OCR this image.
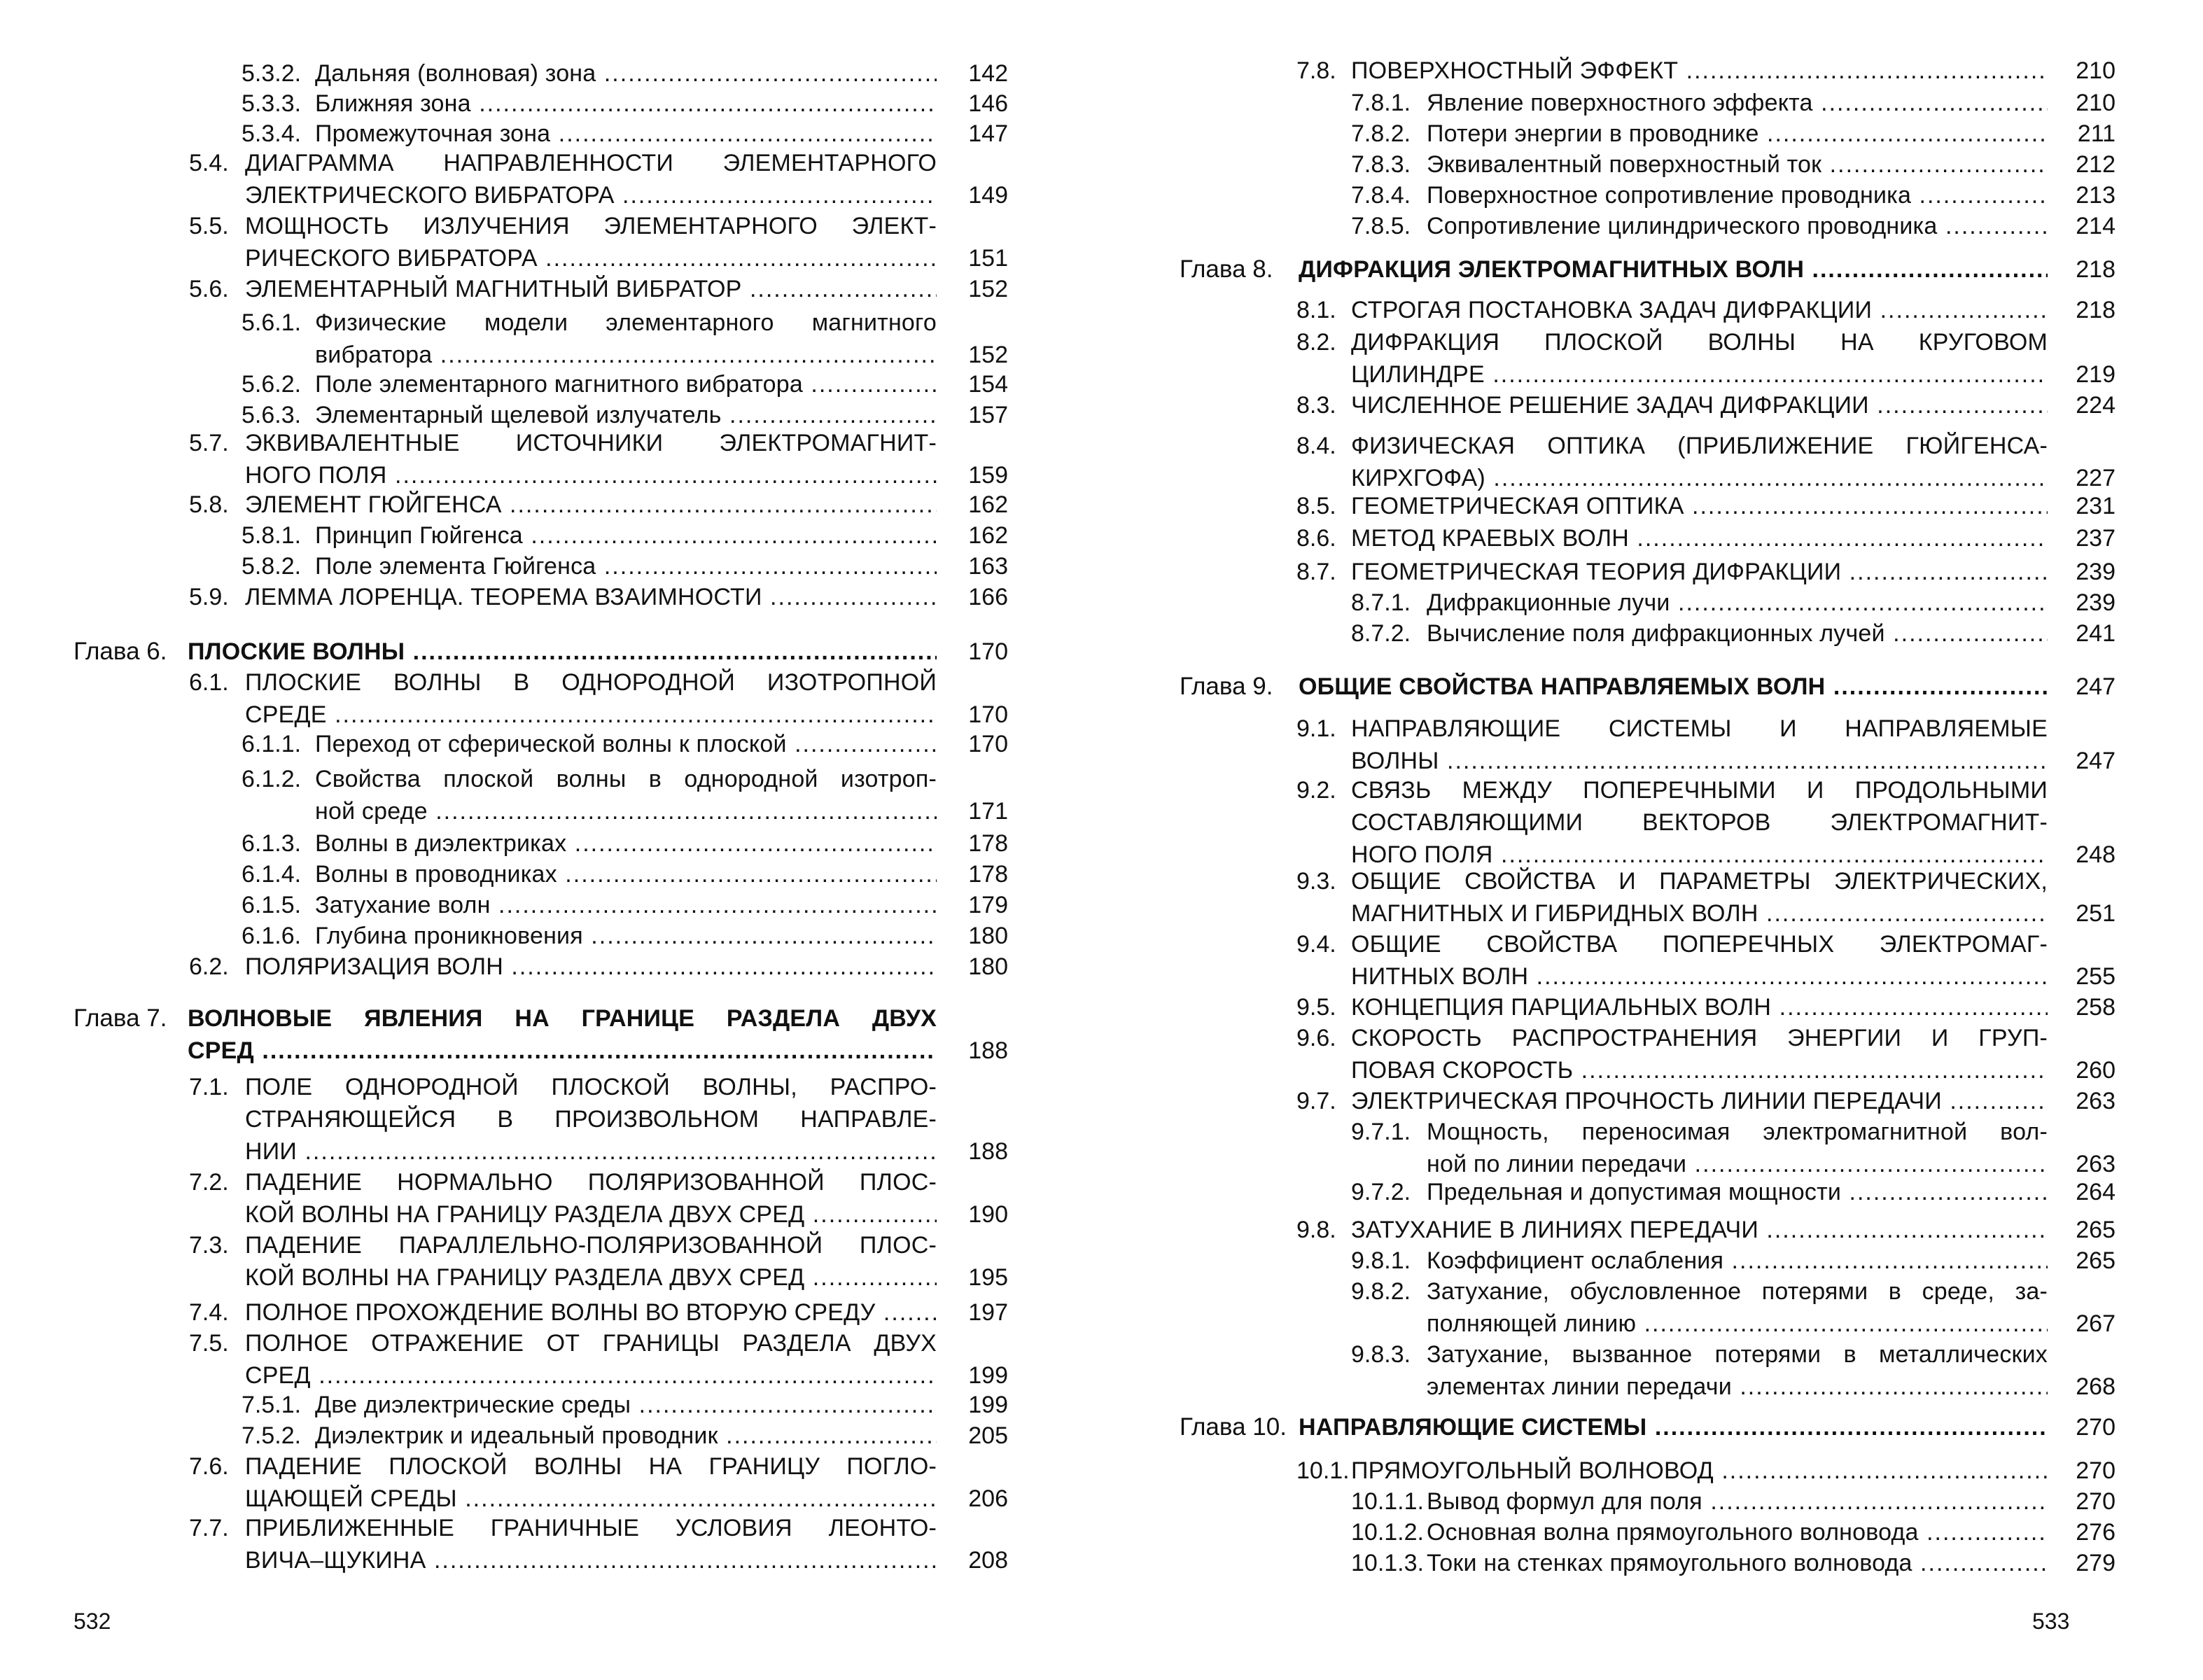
5.3.2. Дальняя (волновая) зона .....	142
5.3.3. Ближняя зона .....	146
5.3.4. Промежуточная зона .....	147
5.4. ДИАГРАММА НАПРАВЛЕННОСТИ ЭЛЕМЕНТАРНОГО
ЭЛЕКТРИЧЕСКОГО ВИБРАТОРА .....	149
5.5. МОЩНОСТЬ ИЗЛУЧЕНИЯ ЭЛЕМЕНТАРНОГО ЭЛЕКТ-
РИЧЕСКОГО ВИБРАТОРА .....	151
5.6. ЭЛЕМЕНТАРНЫЙ МАГНИТНЫЙ ВИБРАТОР .....	152
5.6.1. Физические модели элементарного магнитного
вибратора .....	152
5.6.2. Поле элементарного магнитного вибратора .....	154
5.6.3. Элементарный щелевой излучатель .....	157
5.7. ЭКВИВАЛЕНТНЫЕ ИСТОЧНИКИ ЭЛЕКТРОМАГНИТ-
НОГО ПОЛЯ .....	159
5.8. ЭЛЕМЕНТ ГЮЙГЕНСА .....	162
5.8.1. Принцип Гюйгенса .....	162
5.8.2. Поле элемента Гюйгенса .....	163
5.9. ЛЕММА ЛОРЕНЦА. ТЕОРЕМА ВЗАИМНОСТИ .....	166
Глава 6. ПЛОСКИЕ ВОЛНЫ .....	170
6.1. ПЛОСКИЕ ВОЛНЫ В ОДНОРОДНОЙ ИЗОТРОПНОЙ
СРЕДЕ .....	170
6.1.1. Переход от сферической волны к плоской .....	170
6.1.2. Свойства плоской волны в однородной изотроп-
ной среде .....	171
6.1.3. Волны в диэлектриках .....	178
6.1.4. Волны в проводниках .....	178
6.1.5. Затухание волн .....	179
6.1.6. Глубина проникновения .....	180
6.2. ПОЛЯРИЗАЦИЯ ВОЛН .....	180
Глава 7. ВОЛНОВЫЕ ЯВЛЕНИЯ НА ГРАНИЦЕ РАЗДЕЛА ДВУХ
СРЕД .....	188
7.1. ПОЛЕ ОДНОРОДНОЙ ПЛОСКОЙ ВОЛНЫ, РАСПРО-
СТРАНЯЮЩЕЙСЯ В ПРОИЗВОЛЬНОМ НАПРАВЛЕ-
НИИ .....	188
7.2. ПАДЕНИЕ НОРМАЛЬНО ПОЛЯРИЗОВАННОЙ ПЛОС-
КОЙ ВОЛНЫ НА ГРАНИЦУ РАЗДЕЛА ДВУХ СРЕД .....	190
7.3. ПАДЕНИЕ ПАРАЛЛЕЛЬНО-ПОЛЯРИЗОВАННОЙ ПЛОС-
КОЙ ВОЛНЫ НА ГРАНИЦУ РАЗДЕЛА ДВУХ СРЕД .....	195
7.4. ПОЛНОЕ ПРОХОЖДЕНИЕ ВОЛНЫ ВО ВТОРУЮ СРЕДУ .....	197
7.5. ПОЛНОЕ ОТРАЖЕНИЕ ОТ ГРАНИЦЫ РАЗДЕЛА ДВУХ
СРЕД .....	199
7.5.1. Две диэлектрические среды .....	199
7.5.2. Диэлектрик и идеальный проводник .....	205
7.6. ПАДЕНИЕ ПЛОСКОЙ ВОЛНЫ НА ГРАНИЦУ ПОГЛО-
ЩАЮЩЕЙ СРЕДЫ .....	206
7.7. ПРИБЛИЖЕННЫЕ ГРАНИЧНЫЕ УСЛОВИЯ ЛЕОНТО-
ВИЧА–ЩУКИНА .....	208
532
7.8. ПОВЕРХНОСТНЫЙ ЭФФЕКТ .....	210
7.8.1. Явление поверхностного эффекта .....	210
7.8.2. Потери энергии в проводнике .....	211
7.8.3. Эквивалентный поверхностный ток .....	212
7.8.4. Поверхностное сопротивление проводника .....	213
7.8.5. Сопротивление цилиндрического проводника .....	214
Глава 8. ДИФРАКЦИЯ ЭЛЕКТРОМАГНИТНЫХ ВОЛН .....	218
8.1. СТРОГАЯ ПОСТАНОВКА ЗАДАЧ ДИФРАКЦИИ .....	218
8.2. ДИФРАКЦИЯ ПЛОСКОЙ ВОЛНЫ НА КРУГОВОМ
ЦИЛИНДРЕ .....	219
8.3. ЧИСЛЕННОЕ РЕШЕНИЕ ЗАДАЧ ДИФРАКЦИИ .....	224
8.4. ФИЗИЧЕСКАЯ ОПТИКА (ПРИБЛИЖЕНИЕ ГЮЙГЕНСА-
КИРХГОФА) .....	227
8.5. ГЕОМЕТРИЧЕСКАЯ ОПТИКА .....	231
8.6. МЕТОД КРАЕВЫХ ВОЛН .....	237
8.7. ГЕОМЕТРИЧЕСКАЯ ТЕОРИЯ ДИФРАКЦИИ .....	239
8.7.1. Дифракционные лучи .....	239
8.7.2. Вычисление поля дифракционных лучей .....	241
Глава 9. ОБЩИЕ СВОЙСТВА НАПРАВЛЯЕМЫХ ВОЛН .....	247
9.1. НАПРАВЛЯЮЩИЕ СИСТЕМЫ И НАПРАВЛЯЕМЫЕ
ВОЛНЫ .....	247
9.2. СВЯЗЬ МЕЖДУ ПОПЕРЕЧНЫМИ И ПРОДОЛЬНЫМИ
СОСТАВЛЯЮЩИМИ ВЕКТОРОВ ЭЛЕКТРОМАГНИТ-
НОГО ПОЛЯ .....	248
9.3. ОБЩИЕ СВОЙСТВА И ПАРАМЕТРЫ ЭЛЕКТРИЧЕСКИХ,
МАГНИТНЫХ И ГИБРИДНЫХ ВОЛН .....	251
9.4. ОБЩИЕ СВОЙСТВА ПОПЕРЕЧНЫХ ЭЛЕКТРОМАГ-
НИТНЫХ ВОЛН .....	255
9.5. КОНЦЕПЦИЯ ПАРЦИАЛЬНЫХ ВОЛН .....	258
9.6. СКОРОСТЬ РАСПРОСТРАНЕНИЯ ЭНЕРГИИ И ГРУП-
ПОВАЯ СКОРОСТЬ .....	260
9.7. ЭЛЕКТРИЧЕСКАЯ ПРОЧНОСТЬ ЛИНИИ ПЕРЕДАЧИ .....	263
9.7.1. Мощность, переносимая электромагнитной вол-
ной по линии передачи .....	263
9.7.2. Предельная и допустимая мощности .....	264
9.8. ЗАТУХАНИЕ В ЛИНИЯХ ПЕРЕДАЧИ .....	265
9.8.1. Коэффициент ослабления .....	265
9.8.2. Затухание, обусловленное потерями в среде, за-
полняющей линию .....	267
9.8.3. Затухание, вызванное потерями в металлических
элементах линии передачи .....	268
Глава 10. НАПРАВЛЯЮЩИЕ СИСТЕМЫ .....	270
10.1. ПРЯМОУГОЛЬНЫЙ ВОЛНОВОД .....	270
10.1.1. Вывод формул для поля .....	270
10.1.2. Основная волна прямоугольного волновода .....	276
10.1.3. Токи на стенках прямоугольного волновода .....	279
533
